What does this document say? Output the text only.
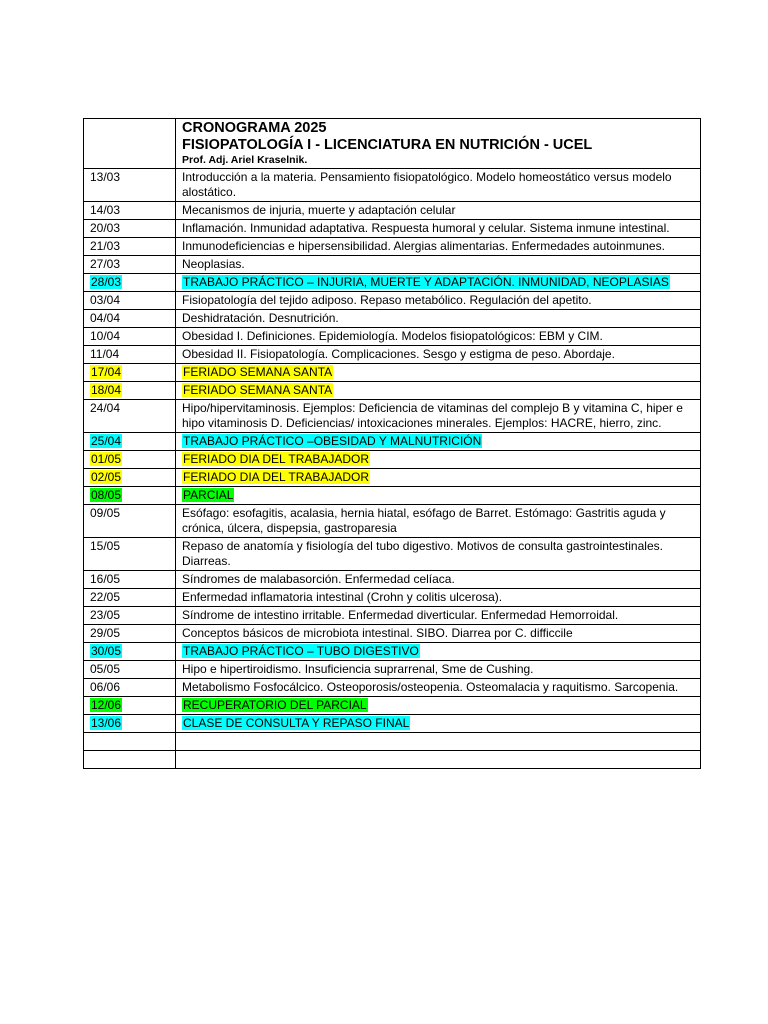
	CRONOGRAMA 2025
FISIOPATOLOGÍA I - LICENCIATURA EN NUTRICIÓN - UCEL
Prof. Adj. Ariel Kraselnik.

13/03	Introducción a la materia. Pensamiento fisiopatológico. Modelo homeostático versus modelo alostático.
14/03	Mecanismos de injuria, muerte y adaptación celular
20/03	Inflamación. Inmunidad adaptativa. Respuesta humoral y celular. Sistema inmune intestinal.
21/03	Inmunodeficiencias e hipersensibilidad. Alergias alimentarias. Enfermedades autoinmunes.
27/03	Neoplasias.
28/03	TRABAJO PRÁCTICO – INJURIA, MUERTE Y ADAPTACIÓN. INMUNIDAD, NEOPLASIAS
03/04	Fisiopatología del tejido adiposo. Repaso metabólico. Regulación del apetito.
04/04	Deshidratación. Desnutrición.
10/04	Obesidad I. Definiciones. Epidemiología. Modelos fisiopatológicos: EBM y CIM.
11/04	Obesidad II. Fisiopatología. Complicaciones. Sesgo y estigma de peso. Abordaje.
17/04	FERIADO SEMANA SANTA
18/04	FERIADO SEMANA SANTA
24/04	Hipo/hipervitaminosis. Ejemplos: Deficiencia de vitaminas del complejo B y vitamina C, hiper e hipo vitaminosis D. Deficiencias/ intoxicaciones minerales. Ejemplos: HACRE, hierro, zinc.
25/04	TRABAJO PRÁCTICO –OBESIDAD Y MALNUTRICIÓN
01/05	FERIADO DIA DEL TRABAJADOR
02/05	FERIADO DIA DEL TRABAJADOR
08/05	PARCIAL
09/05	Esófago: esofagitis, acalasia, hernia hiatal, esófago de Barret. Estómago: Gastritis aguda y crónica, úlcera, dispepsia, gastroparesia
15/05	Repaso de anatomía y fisiología del tubo digestivo. Motivos de consulta gastrointestinales. Diarreas.
16/05	Síndromes de malabasorción. Enfermedad celíaca.
22/05	Enfermedad inflamatoria intestinal (Crohn y colitis ulcerosa).
23/05	Síndrome de intestino irritable. Enfermedad diverticular. Enfermedad Hemorroidal.
29/05	Conceptos básicos de microbiota intestinal. SIBO. Diarrea por C. difficcile
30/05	TRABAJO PRÁCTICO – TUBO DIGESTIVO
05/05	Hipo e hipertiroidismo. Insuficiencia suprarrenal, Sme de Cushing.
06/06	Metabolismo Fosfocálcico. Osteoporosis/osteopenia. Osteomalacia y raquitismo. Sarcopenia.
12/06	RECUPERATORIO DEL PARCIAL
13/06	CLASE DE CONSULTA Y REPASO FINAL
